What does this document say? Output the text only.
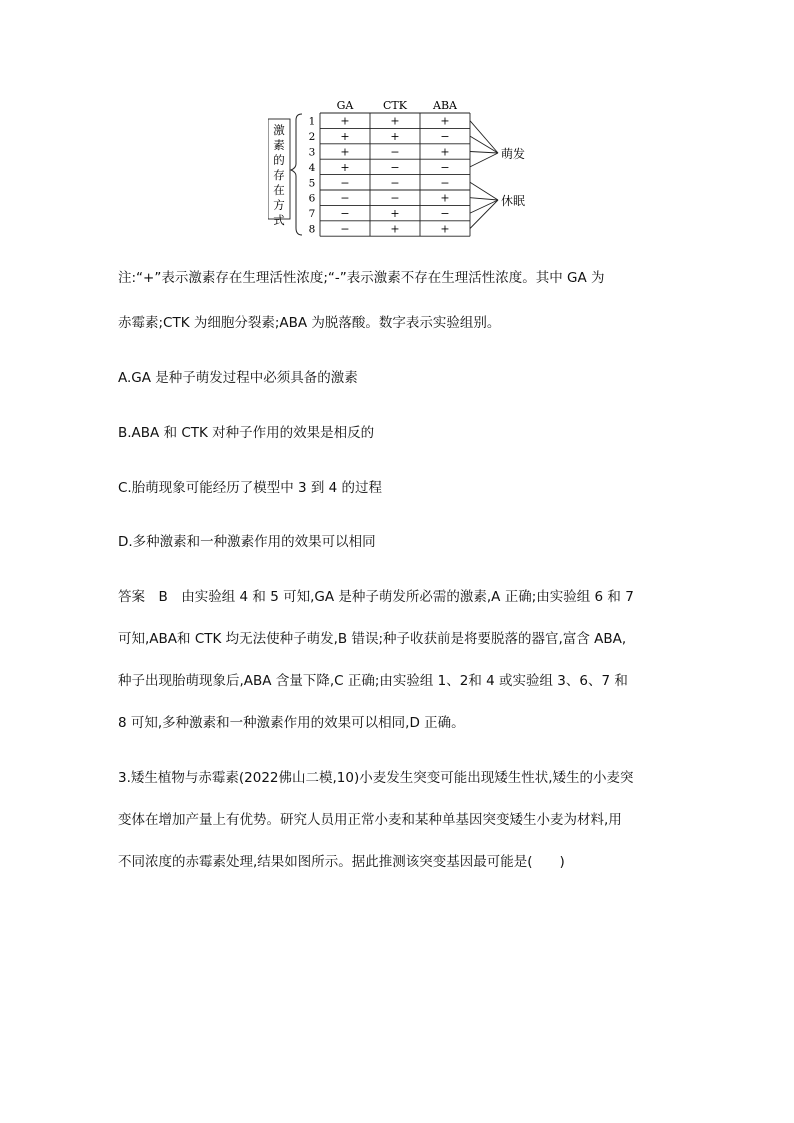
激
素
的
存
在
方
式
GA	CTK ABA
1 +	+	+
2 +	+	−
3 +	−	+
4 +	−	−
5 −	−	−
6 −	−	+
7 −	+	−
8 −	+	+
萌发
休眠

注:“+”表示激素存在生理活性浓度;“-”表示激素不存在生理活性浓度。其中 GA 为

赤霉素;CTK 为细胞分裂素;ABA 为脱落酸。数字表示实验组别。

A.GA 是种子萌发过程中必须具备的激素

B.ABA 和 CTK 对种子作用的效果是相反的

C.胎萌现象可能经历了模型中 3 到 4 的过程

D.多种激素和一种激素作用的效果可以相同

答案　B　由实验组 4 和 5 可知,GA 是种子萌发所必需的激素,A 正确;由实验组 6 和 7

可知,ABA和 CTK 均无法使种子萌发,B 错误;种子收获前是将要脱落的器官,富含 ABA,

种子出现胎萌现象后,ABA 含量下降,C 正确;由实验组 1、2和 4 或实验组 3、6、7 和

8 可知,多种激素和一种激素作用的效果可以相同,D 正确。

3.矮生植物与赤霉素(2022佛山二模,10)小麦发生突变可能出现矮生性状,矮生的小麦突

变体在增加产量上有优势。研究人员用正常小麦和某种单基因突变矮生小麦为材料,用

不同浓度的赤霉素处理,结果如图所示。据此推测该突变基因最可能是(　　)
